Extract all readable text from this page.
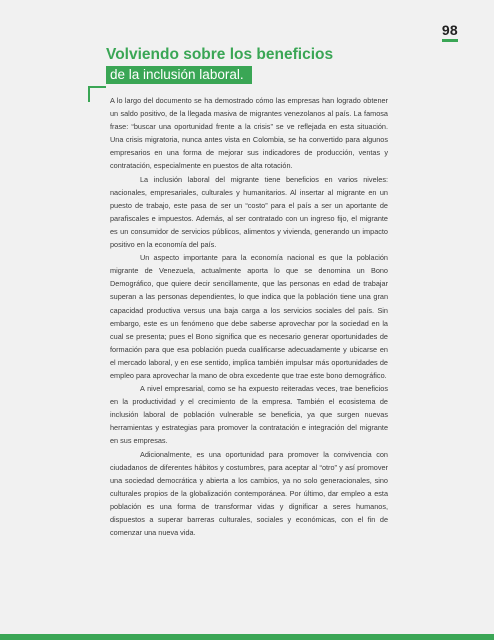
98
Volviendo sobre los beneficios
de la inclusión laboral.

A lo largo del documento se ha demostrado cómo las empresas han logrado obtener un saldo positivo, de la llegada masiva de migrantes venezolanos al país. La famosa frase: “buscar una oportunidad frente a la crisis” se ve reflejada en esta situación. Una crisis migratoria, nunca antes vista en Colombia, se ha convertido para algunos empresarios en una forma de mejorar sus indicadores de producción, ventas y contratación, especialmente en puestos de alta rotación.

La inclusión laboral del migrante tiene beneficios en varios niveles: nacionales, empresariales, culturales y humanitarios. Al insertar al migrante en un puesto de trabajo, este pasa de ser un “costo” para el país a ser un aportante de parafiscales e impuestos. Además, al ser contratado con un ingreso fijo, el migrante es un consumidor de servicios públicos, alimentos y vivienda, generando un impacto positivo en la economía del país.

Un aspecto importante para la economía nacional es que la población migrante de Venezuela, actualmente aporta lo que se denomina un Bono Demográfico, que quiere decir sencillamente, que las personas en edad de trabajar superan a las personas dependientes, lo que indica que la población tiene una gran capacidad productiva versus una baja carga a los servicios sociales del país. Sin embargo, este es un fenómeno que debe saberse aprovechar por la sociedad en la cual se presenta; pues el Bono significa que es necesario generar oportunidades de formación para que esa población pueda cualificarse adecuadamente y ubicarse en el mercado laboral, y en ese sentido, implica también impulsar más oportunidades de empleo para aprovechar la mano de obra excedente que trae este bono demográfico.

A nivel empresarial, como se ha expuesto reiteradas veces, trae beneficios en la productividad y el crecimiento de la empresa. También el ecosistema de inclusión laboral de población vulnerable se beneficia, ya que surgen nuevas herramientas y estrategias para promover la contratación e integración del migrante en sus empresas.

Adicionalmente, es una oportunidad para promover la convivencia con ciudadanos de diferentes hábitos y costumbres, para aceptar al “otro” y así promover una sociedad democrática y abierta a los cambios, ya no solo generacionales, sino culturales propios de la globalización contemporánea. Por último, dar empleo a esta población es una forma de transformar vidas y dignificar a seres humanos, dispuestos a superar barreras culturales, sociales y económicas, con el fin de comenzar una nueva vida.
